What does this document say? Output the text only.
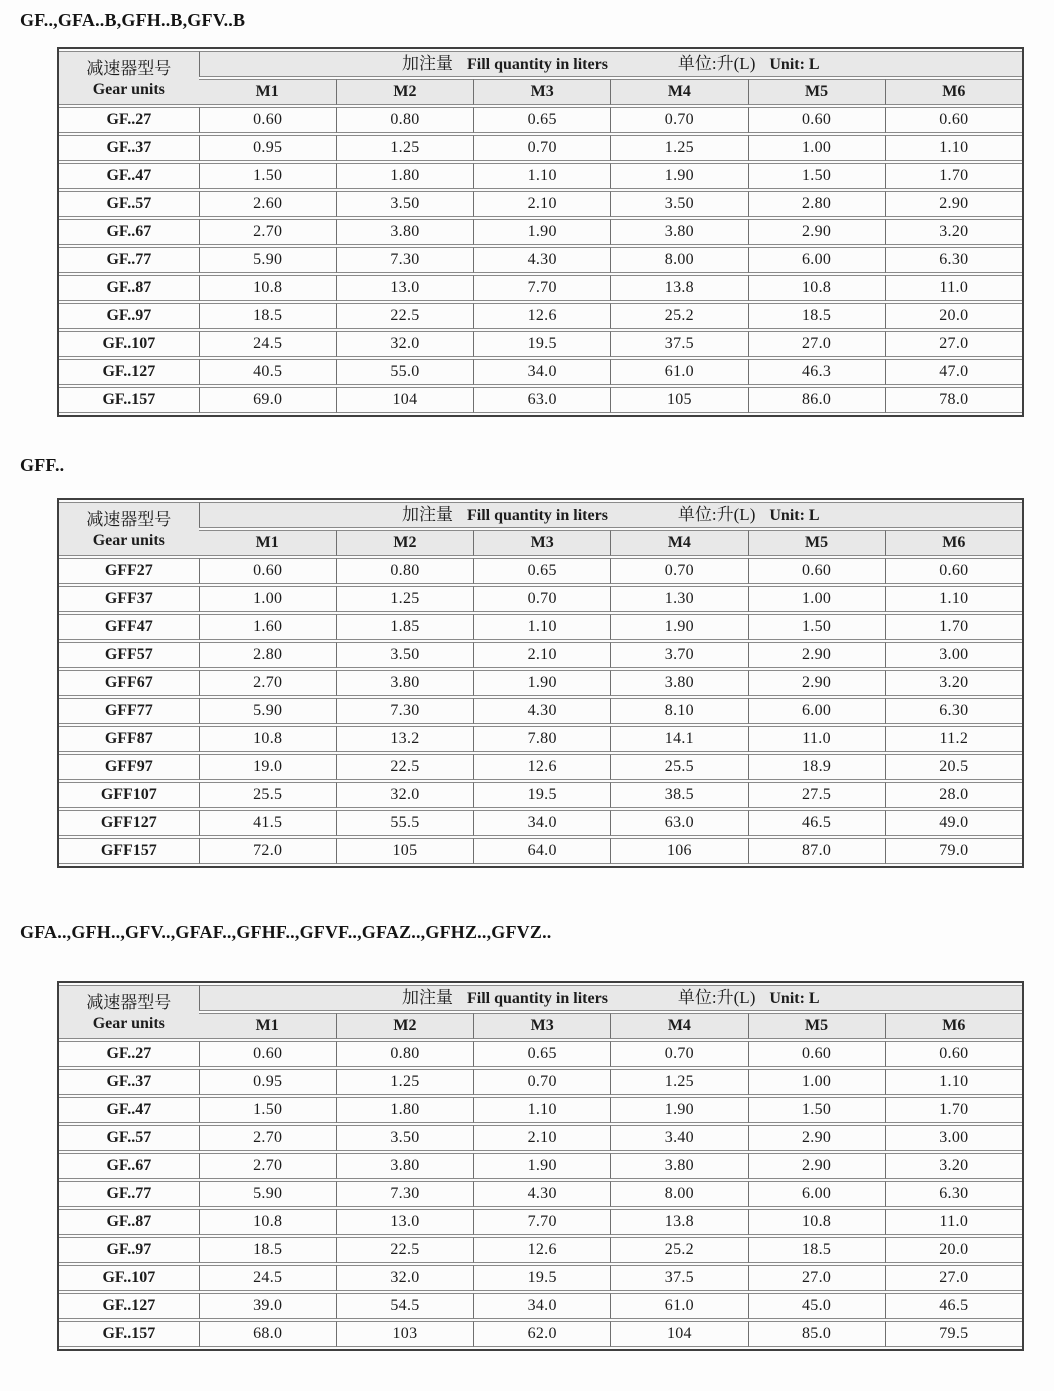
GF..,GFA..B,GFH..B,GFV..B
减速器型号
Gear units	加注量 Fill quantity in liters 单位:升(L) Unit: L					
	M1	M2	M3	M4	M5	M6
GF..27	0.60	0.80	0.65	0.70	0.60	0.60
GF..37	0.95	1.25	0.70	1.25	1.00	1.10
GF..47	1.50	1.80	1.10	1.90	1.50	1.70
GF..57	2.60	3.50	2.10	3.50	2.80	2.90
GF..67	2.70	3.80	1.90	3.80	2.90	3.20
GF..77	5.90	7.30	4.30	8.00	6.00	6.30
GF..87	10.8	13.0	7.70	13.8	10.8	11.0
GF..97	18.5	22.5	12.6	25.2	18.5	20.0
GF..107	24.5	32.0	19.5	37.5	27.0	27.0
GF..127	40.5	55.0	34.0	61.0	46.3	47.0
GF..157	69.0	104	63.0	105	86.0	78.0
GFF..
减速器型号
Gear units	加注量 Fill quantity in liters 单位:升(L) Unit: L					
	M1	M2	M3	M4	M5	M6
GFF27	0.60	0.80	0.65	0.70	0.60	0.60
GFF37	1.00	1.25	0.70	1.30	1.00	1.10
GFF47	1.60	1.85	1.10	1.90	1.50	1.70
GFF57	2.80	3.50	2.10	3.70	2.90	3.00
GFF67	2.70	3.80	1.90	3.80	2.90	3.20
GFF77	5.90	7.30	4.30	8.10	6.00	6.30
GFF87	10.8	13.2	7.80	14.1	11.0	11.2
GFF97	19.0	22.5	12.6	25.5	18.9	20.5
GFF107	25.5	32.0	19.5	38.5	27.5	28.0
GFF127	41.5	55.5	34.0	63.0	46.5	49.0
GFF157	72.0	105	64.0	106	87.0	79.0
GFA..,GFH..,GFV..,GFAF..,GFHF..,GFVF..,GFAZ..,GFHZ..,GFVZ..
减速器型号
Gear units	加注量 Fill quantity in liters 单位:升(L) Unit: L					
	M1	M2	M3	M4	M5	M6
GF..27	0.60	0.80	0.65	0.70	0.60	0.60
GF..37	0.95	1.25	0.70	1.25	1.00	1.10
GF..47	1.50	1.80	1.10	1.90	1.50	1.70
GF..57	2.70	3.50	2.10	3.40	2.90	3.00
GF..67	2.70	3.80	1.90	3.80	2.90	3.20
GF..77	5.90	7.30	4.30	8.00	6.00	6.30
GF..87	10.8	13.0	7.70	13.8	10.8	11.0
GF..97	18.5	22.5	12.6	25.2	18.5	20.0
GF..107	24.5	32.0	19.5	37.5	27.0	27.0
GF..127	39.0	54.5	34.0	61.0	45.0	46.5
GF..157	68.0	103	62.0	104	85.0	79.5
